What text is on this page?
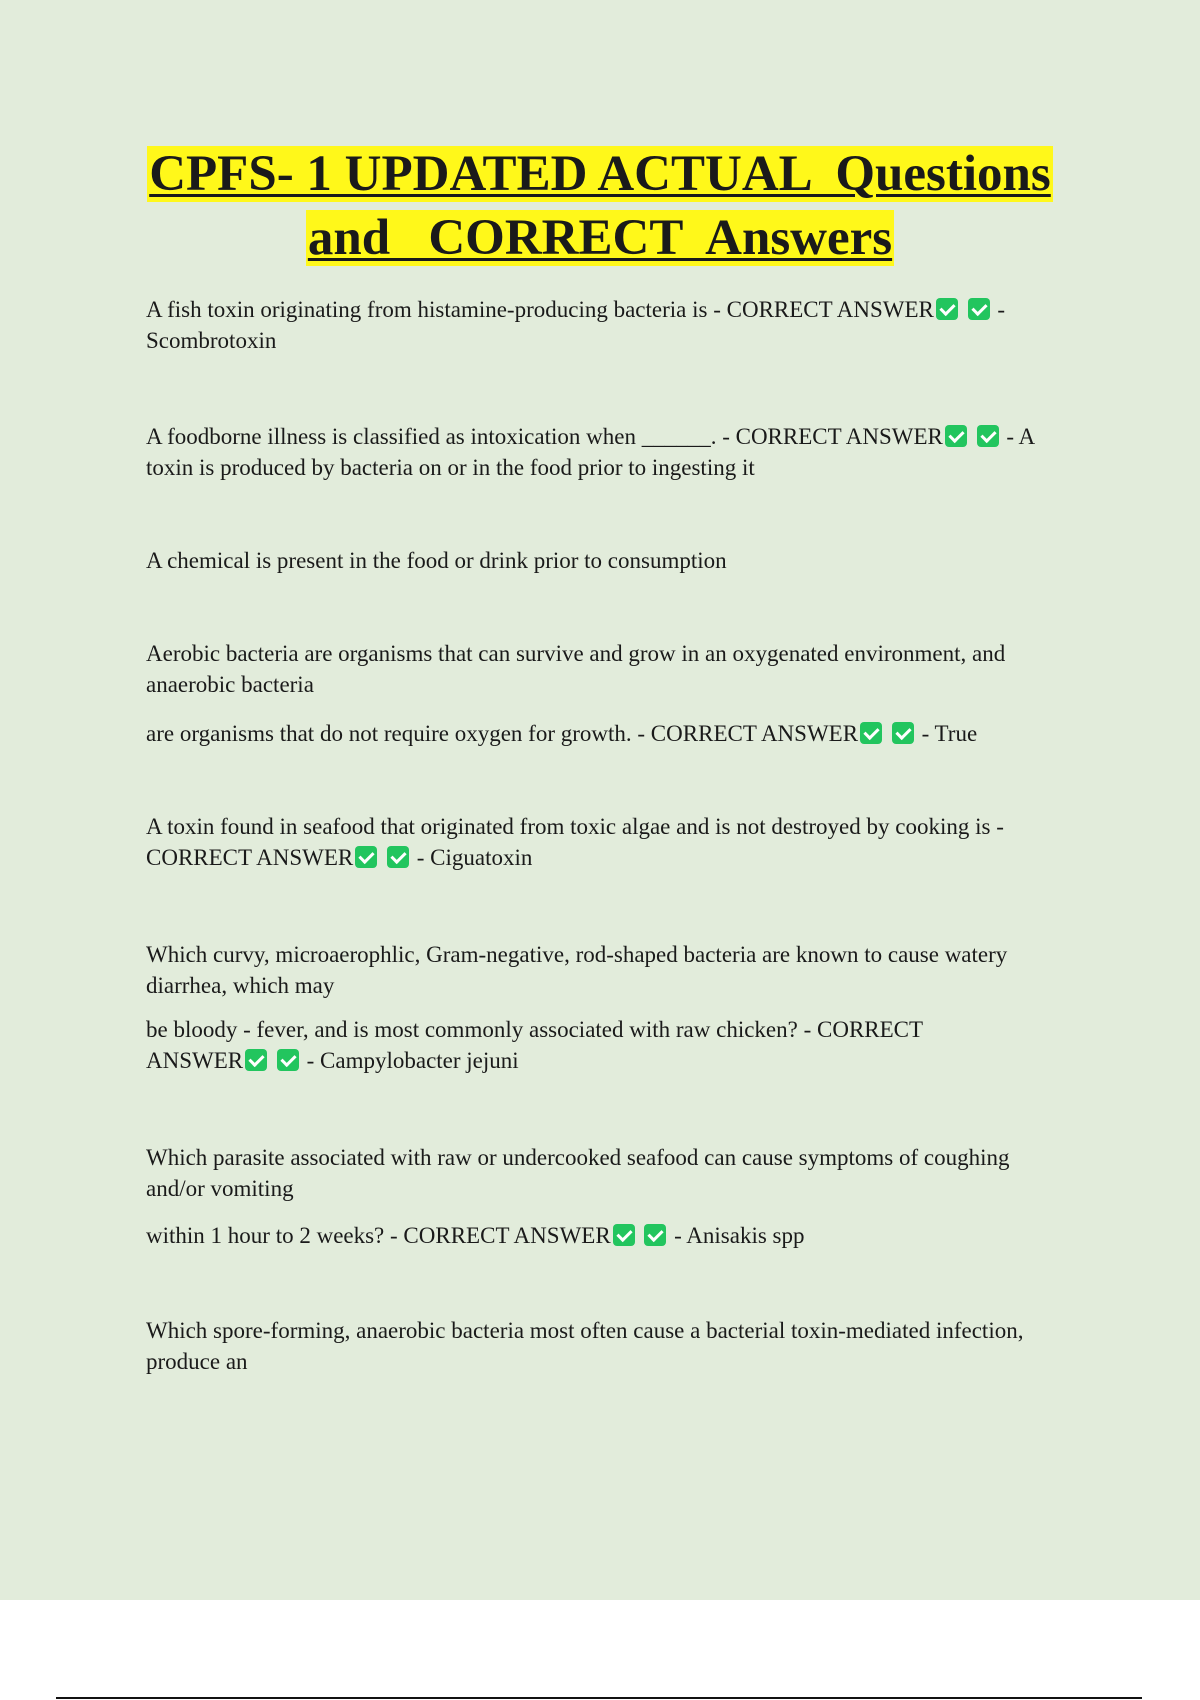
CPFS- 1 UPDATED ACTUAL  Questions
and   CORRECT  Answers

A fish toxin originating from histamine-producing bacteria is - CORRECT ANSWER	-
Scombrotoxin

A foodborne illness is classified as intoxication when ______. - CORRECT ANSWER	- A
toxin is produced by bacteria on or in the food prior to ingesting it

A chemical is present in the food or drink prior to consumption

Aerobic bacteria are organisms that can survive and grow in an oxygenated environment, and
anaerobic bacteria

are organisms that do not require oxygen for growth. - CORRECT ANSWER	- True

A toxin found in seafood that originated from toxic algae and is not destroyed by cooking is -
CORRECT ANSWER	- Ciguatoxin

Which curvy, microaerophlic, Gram-negative, rod-shaped bacteria are known to cause watery
diarrhea, which may

be bloody - fever, and is most commonly associated with raw chicken? - CORRECT
ANSWER	- Campylobacter jejuni

Which parasite associated with raw or undercooked seafood can cause symptoms of coughing
and/or vomiting

within 1 hour to 2 weeks? - CORRECT ANSWER	- Anisakis spp

Which spore-forming, anaerobic bacteria most often cause a bacterial toxin-mediated infection,
produce an
